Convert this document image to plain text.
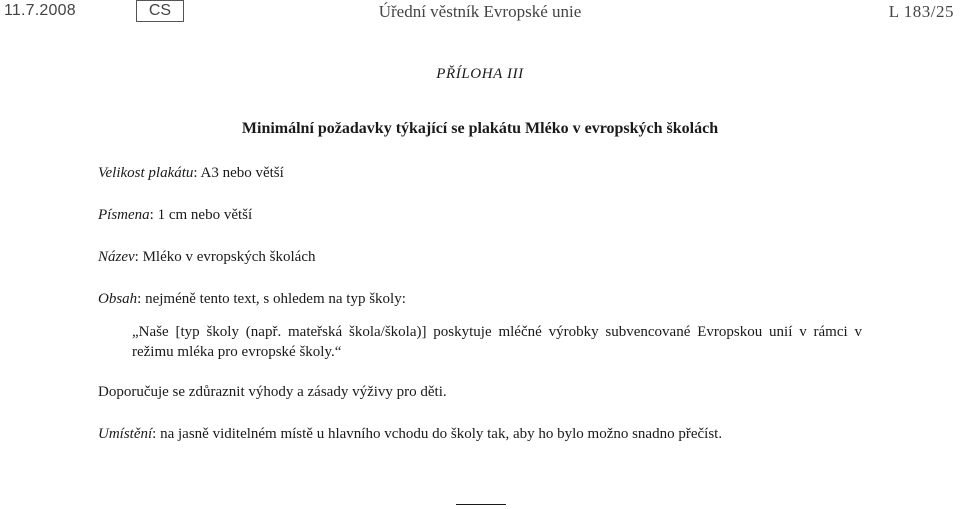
11.7.2008	CS	Úřední věstník Evropské unie	L 183/25
PŘÍLOHA III
Minimální požadavky týkající se plakátu Mléko v evropských školách
Velikost plakátu: A3 nebo větší
Písmena: 1 cm nebo větší
Název: Mléko v evropských školách
Obsah: nejméně tento text, s ohledem na typ školy:
„Naše [typ školy (např. mateřská škola/škola)] poskytuje mléčné výrobky subvencované Evropskou unií v rámci v režimu mléka pro evropské školy.“
Doporučuje se zdůraznit výhody a zásady výživy pro děti.
Umístění: na jasně viditelném místě u hlavního vchodu do školy tak, aby ho bylo možno snadno přečíst.
